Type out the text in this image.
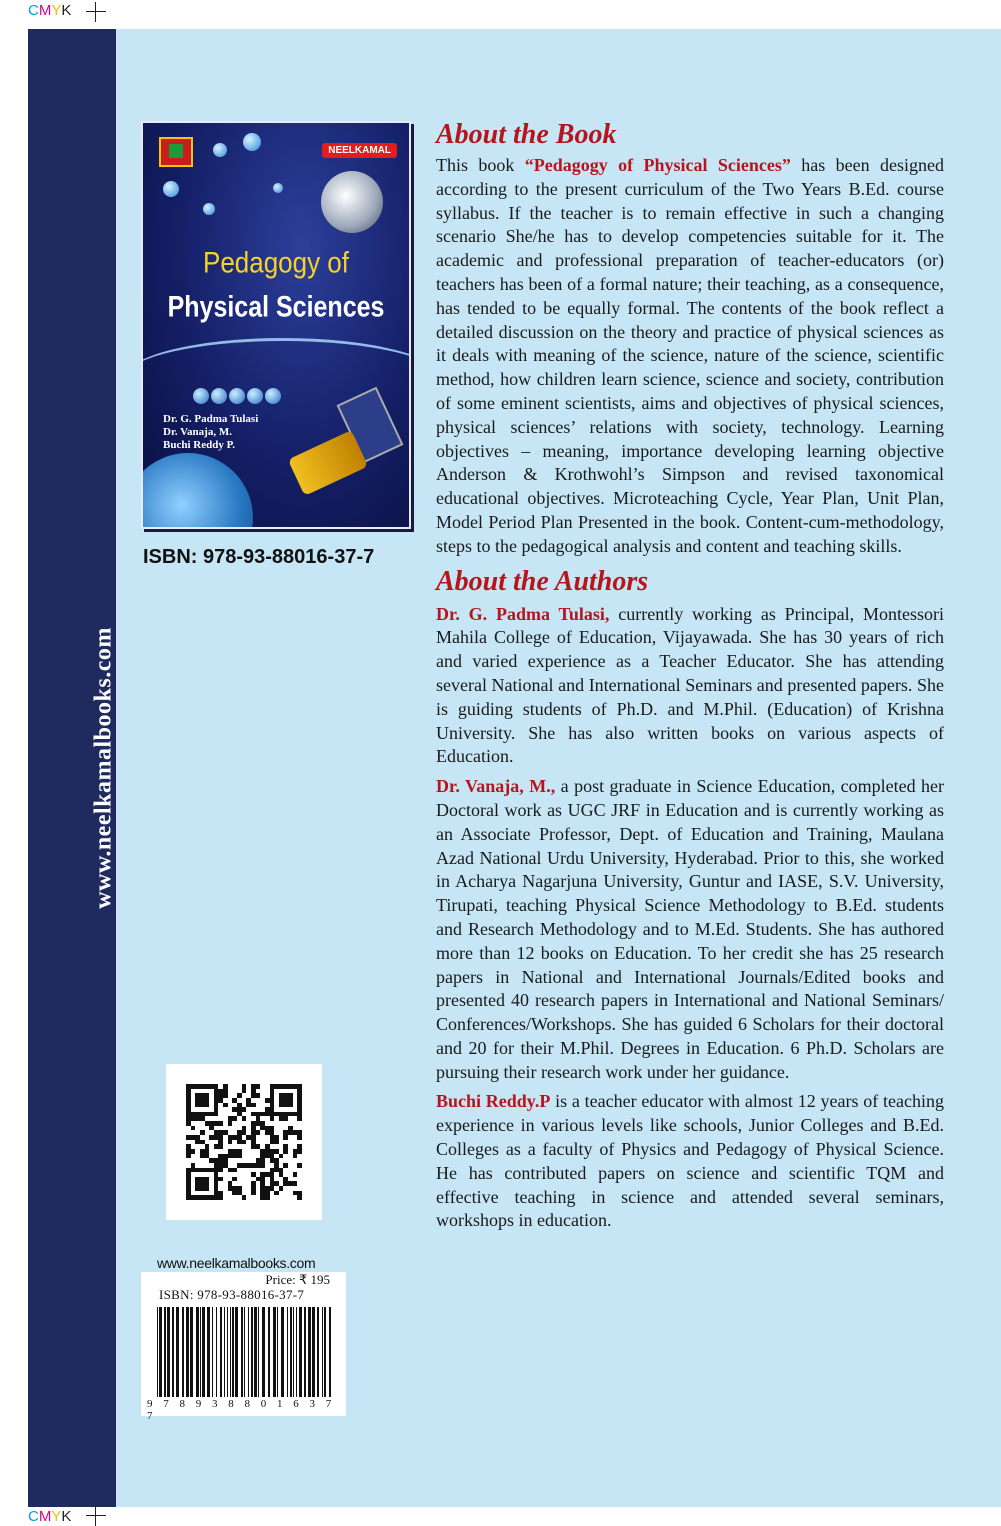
CMYK
www.neelkamalbooks.com
NEELKAMAL
Pedagogy of
Physical Sciences
Dr. G. Padma Tulasi
Dr. Vanaja, M.
Buchi Reddy P.
ISBN: 978-93-88016-37-7
www.neelkamalbooks.com
Price: ₹ 195
ISBN: 978-93-88016-37-7
9 7 8 9 3 8 8 0 1 6 3 7 7
About the Book

This book “Pedagogy of Physical Sciences” has been designed according to the present curriculum of the Two Years B.Ed. course syllabus. If the teacher is to remain effective in such a changing scenario She/he has to develop competencies suitable for it. The academic and professional preparation of teacher-educators (or) teachers has been of a formal nature; their teaching, as a consequence, has tended to be equally formal. The contents of the book reflect a detailed discussion on the theory and practice of physical sciences as it deals with meaning of the science, nature of the science, scientific method, how children learn science, science and society, contribution of some eminent scientists, aims and objectives of physical sciences, physical sciences’ relations with society, technology. Learning objectives – meaning, importance developing learning objective Anderson & Krothwohl’s Simpson and revised taxonomical educational objectives. Microteaching Cycle, Year Plan, Unit Plan, Model Period Plan Presented in the book. Content-cum-methodology, steps to the pedagogical analysis and content and teaching skills.

About the Authors

Dr. G. Padma Tulasi, currently working as Principal, Montessori Mahila College of Education, Vijayawada. She has 30 years of rich and varied experience as a Teacher Educator. She has attending several National and International Seminars and presented papers. She is guiding students of Ph.D. and M.Phil. (Education) of Krishna University. She has also written books on various aspects of Education.

Dr. Vanaja, M., a post graduate in Science Education, completed her Doctoral work as UGC JRF in Education and is currently working as an Associate Professor, Dept. of Education and Training, Maulana Azad National Urdu University, Hyderabad. Prior to this, she worked in Acharya Nagarjuna University, Guntur and IASE, S.V. University, Tirupati, teaching Physical Science Methodology to B.Ed. students and Research Methodology and to M.Ed. Students. She has authored more than 12 books on Education. To her credit she has 25 research papers in National and International Journals/Edited books and presented 40 research papers in International and National Seminars/ Conferences/Workshops. She has guided 6 Scholars for their doctoral and 20 for their M.Phil. Degrees in Education. 6 Ph.D. Scholars are pursuing their research work under her guidance.

Buchi Reddy.P is a teacher educator with almost 12 years of teaching experience in various levels like schools, Junior Colleges and B.Ed. Colleges as a faculty of Physics and Pedagogy of Physical Science. He has contributed papers on science and scientific TQM and effective teaching in science and attended several seminars, workshops in education.

CMYK
